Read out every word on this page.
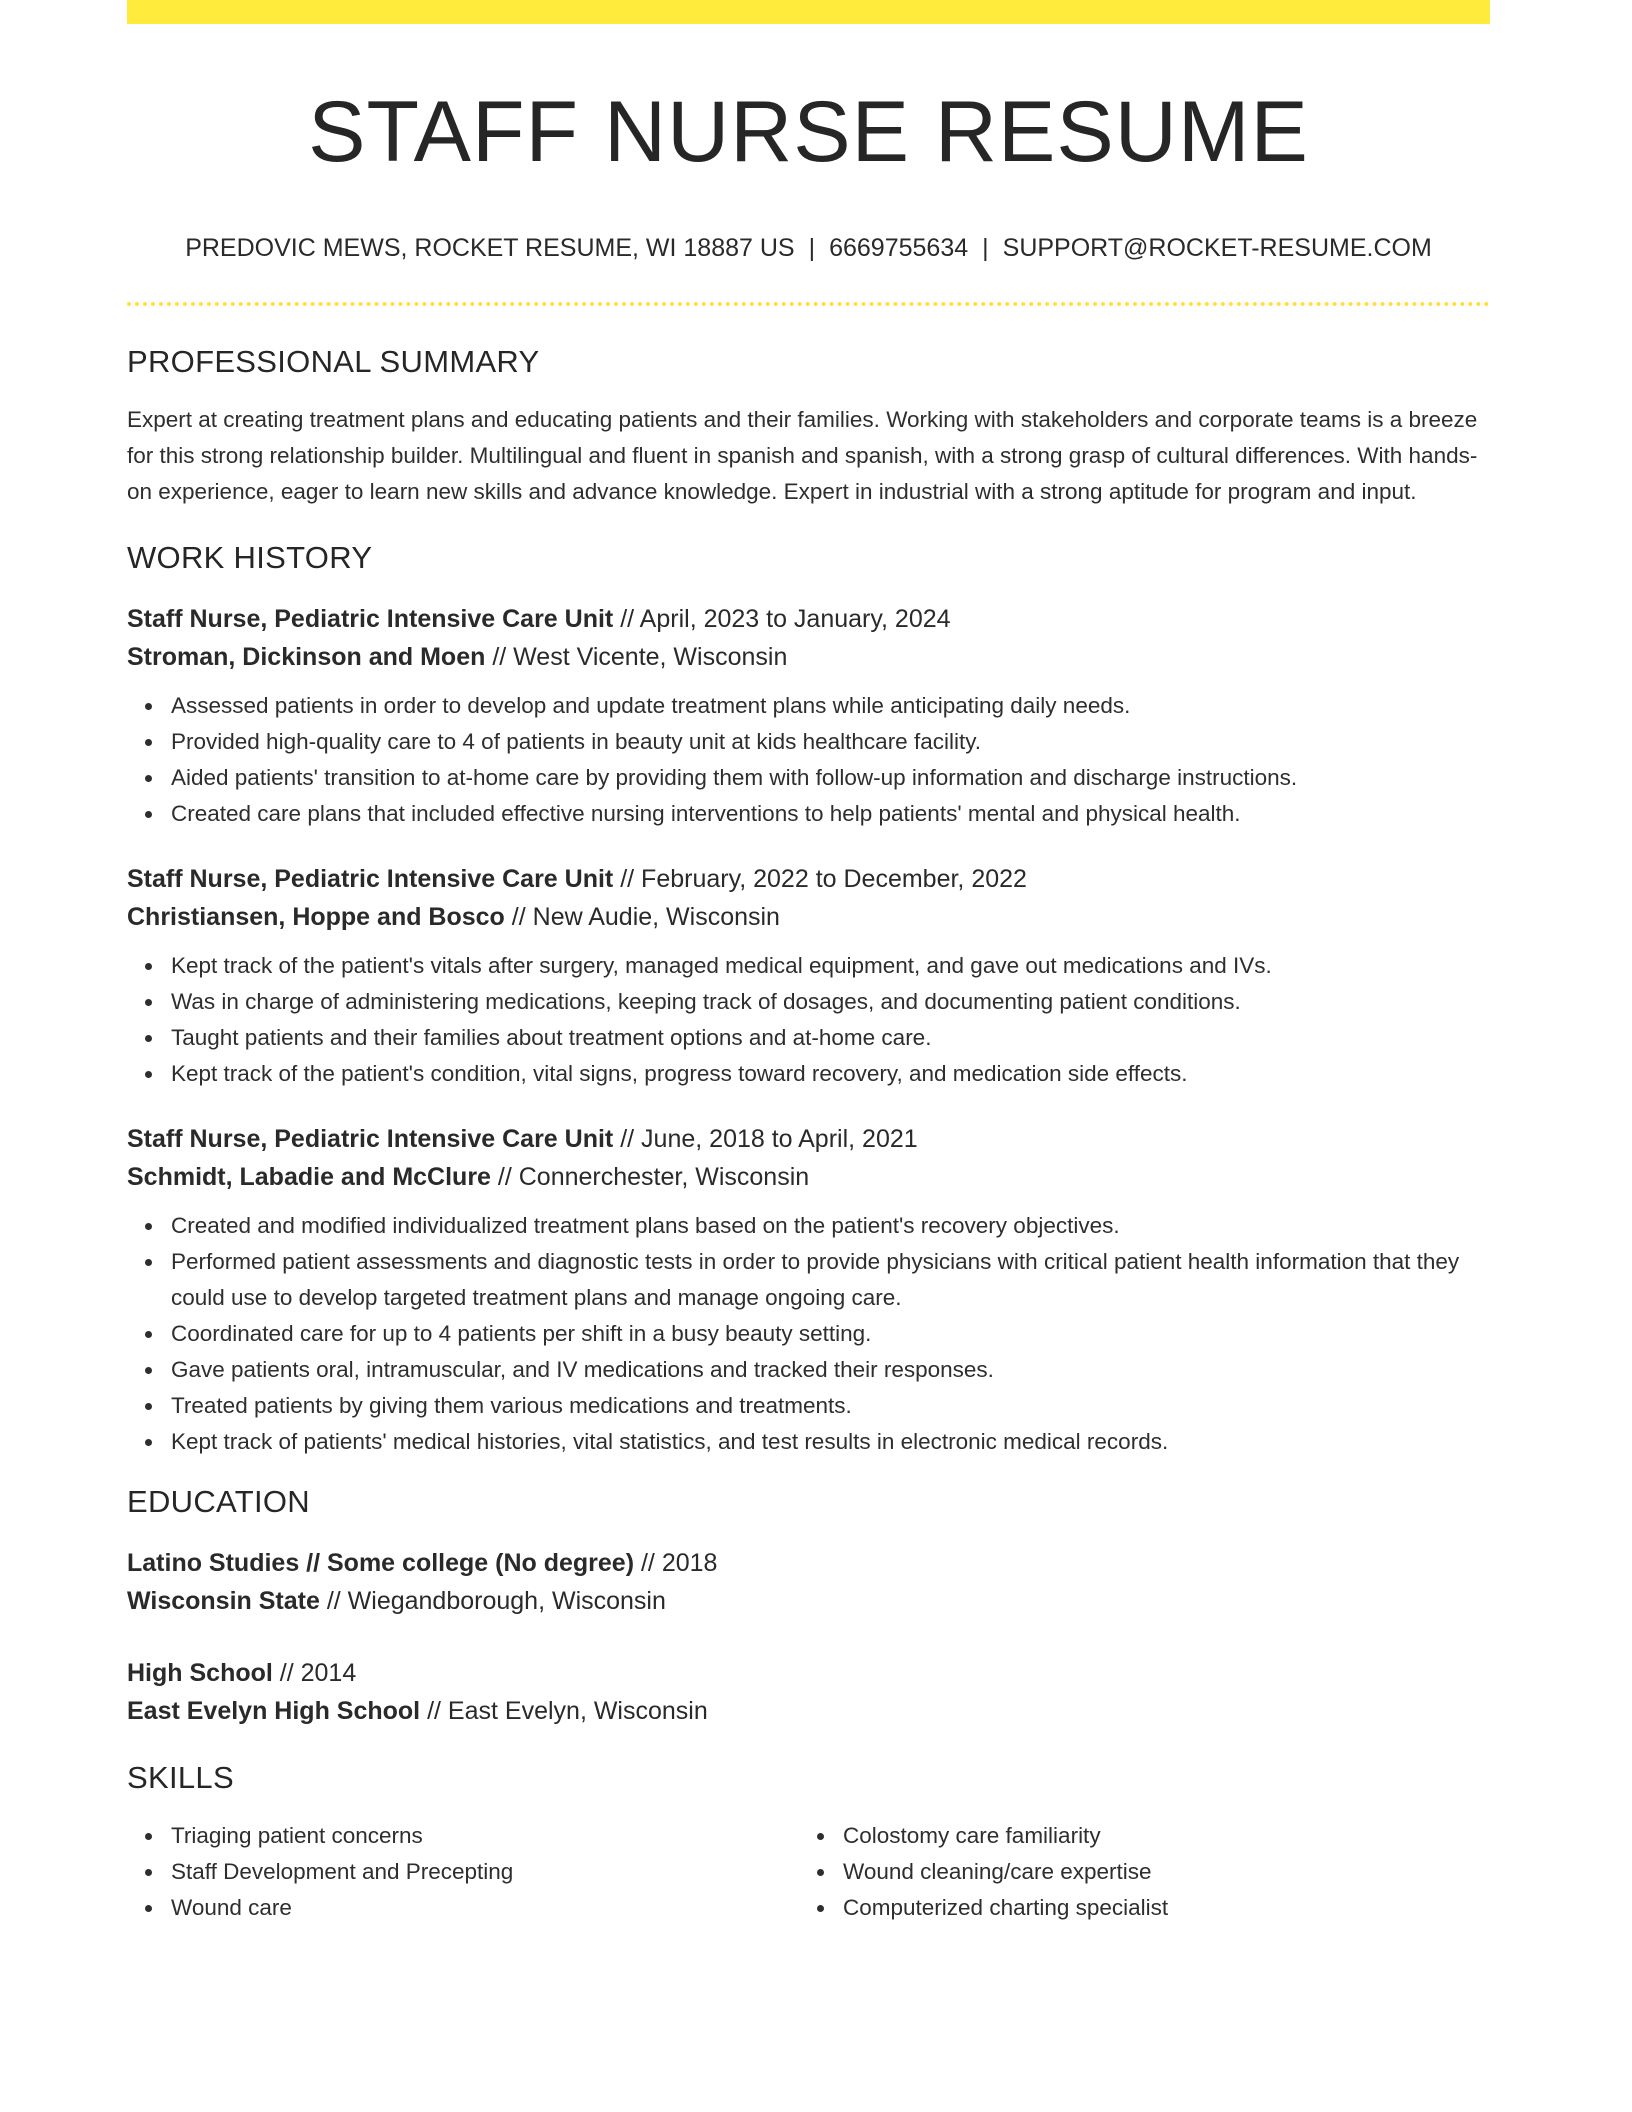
STAFF NURSE RESUME
PREDOVIC MEWS, ROCKET RESUME, WI 18887 US | 6669755634 | SUPPORT@ROCKET-RESUME.COM
PROFESSIONAL SUMMARY

Expert at creating treatment plans and educating patients and their families. Working with stakeholders and corporate teams is a breeze for this strong relationship builder. Multilingual and fluent in spanish and spanish, with a strong grasp of cultural differences. With hands-on experience, eager to learn new skills and advance knowledge. Expert in industrial with a strong aptitude for program and input.

WORK HISTORY
Staff Nurse, Pediatric Intensive Care Unit // April, 2023 to January, 2024
Stroman, Dickinson and Moen // West Vicente, Wisconsin
Assessed patients in order to develop and update treatment plans while anticipating daily needs.
Provided high-quality care to 4 of patients in beauty unit at kids healthcare facility.
Aided patients' transition to at-home care by providing them with follow-up information and discharge instructions.
Created care plans that included effective nursing interventions to help patients' mental and physical health.
Staff Nurse, Pediatric Intensive Care Unit // February, 2022 to December, 2022
Christiansen, Hoppe and Bosco // New Audie, Wisconsin
Kept track of the patient's vitals after surgery, managed medical equipment, and gave out medications and IVs.
Was in charge of administering medications, keeping track of dosages, and documenting patient conditions.
Taught patients and their families about treatment options and at-home care.
Kept track of the patient's condition, vital signs, progress toward recovery, and medication side effects.
Staff Nurse, Pediatric Intensive Care Unit // June, 2018 to April, 2021
Schmidt, Labadie and McClure // Connerchester, Wisconsin
Created and modified individualized treatment plans based on the patient's recovery objectives.
Performed patient assessments and diagnostic tests in order to provide physicians with critical patient health information that they could use to develop targeted treatment plans and manage ongoing care.
Coordinated care for up to 4 patients per shift in a busy beauty setting.
Gave patients oral, intramuscular, and IV medications and tracked their responses.
Treated patients by giving them various medications and treatments.
Kept track of patients' medical histories, vital statistics, and test results in electronic medical records.
EDUCATION
Latino Studies // Some college (No degree) // 2018
Wisconsin State // Wiegandborough, Wisconsin
High School // 2014
East Evelyn High School // East Evelyn, Wisconsin
SKILLS
Triaging patient concerns
Staff Development and Precepting
Wound care
Colostomy care familiarity
Wound cleaning/care expertise
Computerized charting specialist
